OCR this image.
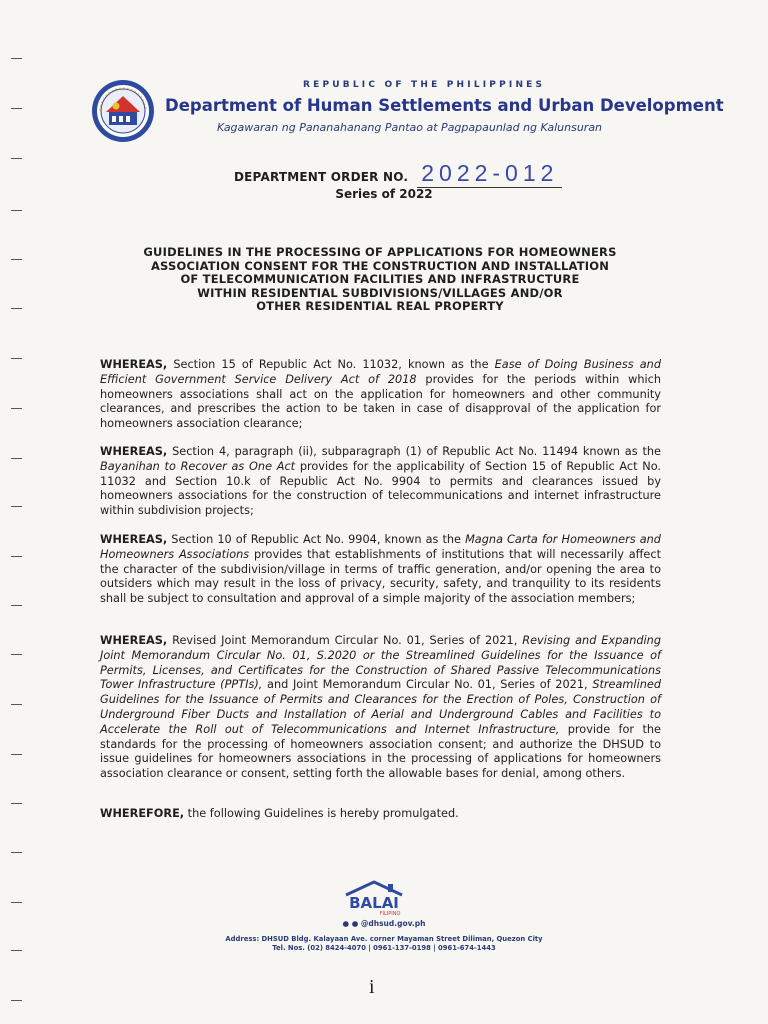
REPUBLIC OF THE PHILIPPINES
Department of Human Settlements and Urban Development
Kagawaran ng Pananahanang Pantao at Pagpapaunlad ng Kalunsuran
DEPARTMENT ORDER NO. 2022-012
Series of 2022
GUIDELINES IN THE PROCESSING OF APPLICATIONS FOR HOMEOWNERS
ASSOCIATION CONSENT FOR THE CONSTRUCTION AND INSTALLATION
OF TELECOMMUNICATION FACILITIES AND INFRASTRUCTURE
WITHIN RESIDENTIAL SUBDIVISIONS/VILLAGES AND/OR
OTHER RESIDENTIAL REAL PROPERTY

WHEREAS, Section 15 of Republic Act No. 11032, known as the Ease of Doing Business and Efficient Government Service Delivery Act of 2018 provides for the periods within which homeowners associations shall act on the application for homeowners and other community clearances, and prescribes the action to be taken in case of disapproval of the application for homeowners association clearance;

WHEREAS, Section 4, paragraph (ii), subparagraph (1) of Republic Act No. 11494 known as the Bayanihan to Recover as One Act provides for the applicability of Section 15 of Republic Act No. 11032 and Section 10.k of Republic Act No. 9904 to permits and clearances issued by homeowners associations for the construction of telecommunications and internet infrastructure within subdivision projects;

WHEREAS, Section 10 of Republic Act No. 9904, known as the Magna Carta for Homeowners and Homeowners Associations provides that establishments of institutions that will necessarily affect the character of the subdivision/village in terms of traffic generation, and/or opening the area to outsiders which may result in the loss of privacy, security, safety, and tranquility to its residents shall be subject to consultation and approval of a simple majority of the association members;

WHEREAS, Revised Joint Memorandum Circular No. 01, Series of 2021, Revising and Expanding Joint Memorandum Circular No. 01, S.2020 or the Streamlined Guidelines for the Issuance of Permits, Licenses, and Certificates for the Construction of Shared Passive Telecommunications Tower Infrastructure (PPTIs), and Joint Memorandum Circular No. 01, Series of 2021, Streamlined Guidelines for the Issuance of Permits and Clearances for the Erection of Poles, Construction of Underground Fiber Ducts and Installation of Aerial and Underground Cables and Facilities to Accelerate the Roll out of Telecommunications and Internet Infrastructure, provide for the standards for the processing of homeowners association consent; and authorize the DHSUD to issue guidelines for homeowners associations in the processing of applications for homeowners association clearance or consent, setting forth the allowable bases for denial, among others.

WHEREFORE, the following Guidelines is hereby promulgated.

BALAI
FILIPINO
● ● @dhsud.gov.ph
Address: DHSUD Bldg. Kalayaan Ave. corner Mayaman Street Diliman, Quezon City
Tel. Nos. (02) 8424-4070 | 0961-137-0198 | 0961-674-1443
i
